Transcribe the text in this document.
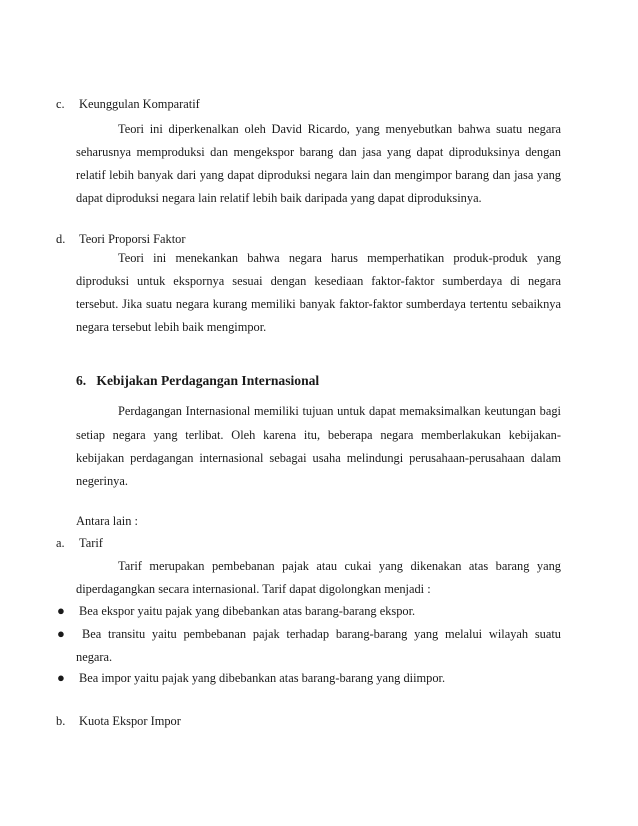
c. Keunggulan Komparatif
Teori ini diperkenalkan oleh David Ricardo, yang menyebutkan bahwa suatu negara
seharusnya memproduksi dan mengekspor barang dan jasa yang dapat diproduksinya dengan
relatif lebih banyak dari yang dapat diproduksi negara lain dan mengimpor barang dan jasa yang
dapat diproduksi negara lain relatif lebih baik daripada yang dapat diproduksinya.
d. Teori Proporsi Faktor
Teori ini menekankan bahwa negara harus memperhatikan produk-produk yang
diproduksi untuk ekspornya sesuai dengan kesediaan faktor-faktor sumberdaya di negara
tersebut. Jika suatu negara kurang memiliki banyak faktor-faktor sumberdaya tertentu sebaiknya
negara tersebut lebih baik mengimpor.
6.   Kebijakan Perdagangan Internasional
Perdagangan Internasional memiliki tujuan untuk dapat memaksimalkan keutungan bagi
setiap negara yang terlibat. Oleh karena itu, beberapa negara memberlakukan kebijakan-
kebijakan perdagangan internasional sebagai usaha melindungi perusahaan-perusahaan dalam
negerinya.
Antara lain :
a. Tarif
Tarif merupakan pembebanan pajak atau cukai yang dikenakan atas barang yang
diperdagangkan secara internasional. Tarif dapat digolongkan menjadi :
● Bea ekspor yaitu pajak yang dibebankan atas barang-barang ekspor.
● Bea transitu yaitu pembebanan pajak terhadap barang-barang yang melalui wilayah suatu
negara.
● Bea impor yaitu pajak yang dibebankan atas barang-barang yang diimpor.
b. Kuota Ekspor Impor
